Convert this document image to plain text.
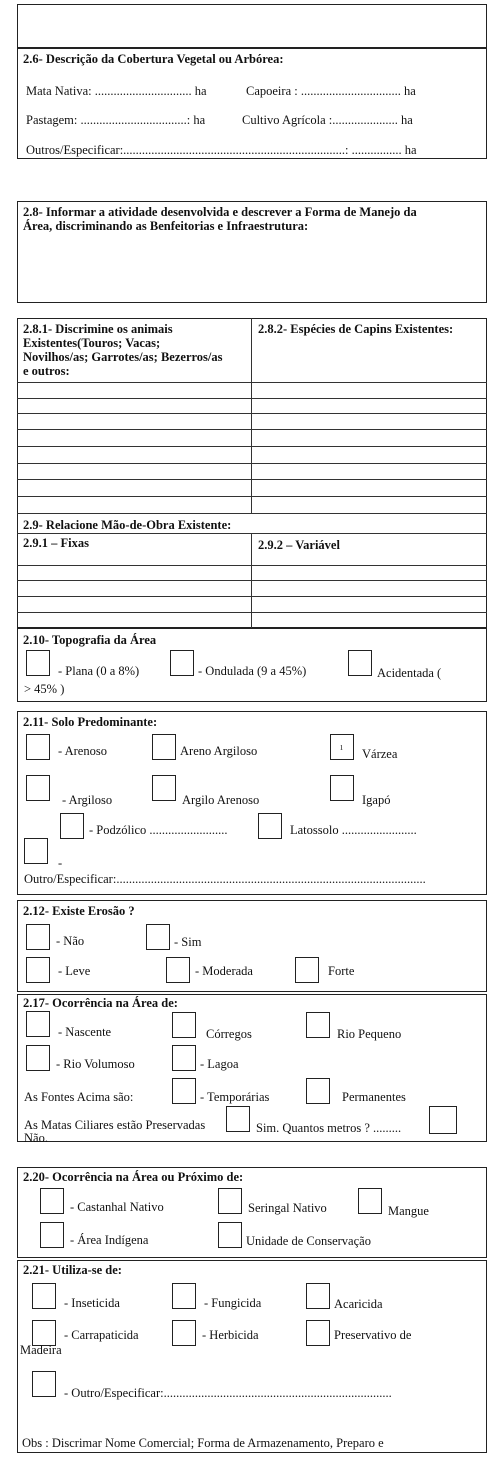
2.6- Descrição da Cobertura Vegetal ou Arbórea:
Mata Nativa: ............................... ha	Capoeira : ................................ ha
Pastagem: ..................................: ha	Cultivo Agrícola :..................... ha
Outros/Especificar:.......................................................................: ................ ha
2.8- Informar a atividade desenvolvida e descrever a Forma de Manejo da
Área, discriminando as Benfeitorias e Infraestrutura:
2.8.1- Discrimine os animais
Existentes(Touros; Vacas;
Novilhos/as; Garrotes/as; Bezerros/as
e outros:
2.8.2- Espécies de Capins Existentes:
2.9- Relacione Mão-de-Obra Existente:
2.9.1 – Fixas	2.9.2 – Variável
2.10- Topografia da Área
- Plana (0 a 8%)	- Ondulada (9 a 45%)	Acidentada (
> 45% )
2.11- Solo Predominante:
- Arenoso	Areno Argiloso	ı Várzea
- Argiloso	Argilo Arenoso	Igapó
- Podzólico .........................	Latossolo ........................
-
Outro/Especificar:...................................................................................................
2.12- Existe Erosão ?
- Não	- Sim
- Leve	- Moderada	Forte
2.17- Ocorrência na Área de:
- Nascente	Córregos	Rio Pequeno
- Rio Volumoso	- Lagoa
As Fontes Acima são:	- Temporárias	Permanentes
As Matas Ciliares estão Preservadas	Sim. Quantos metros ? .........
Não.
2.20- Ocorrência na Área ou Próximo de:
- Castanhal Nativo	Seringal Nativo	Mangue
- Área Indígena	Unidade de Conservação
2.21- Utiliza-se de:
- Inseticida	- Fungicida	Acaricida
- Carrapaticida	- Herbicida	Preservativo de
Madeira
- Outro/Especificar:.........................................................................
Obs : Discrimar Nome Comercial; Forma de Armazenamento, Preparo e
